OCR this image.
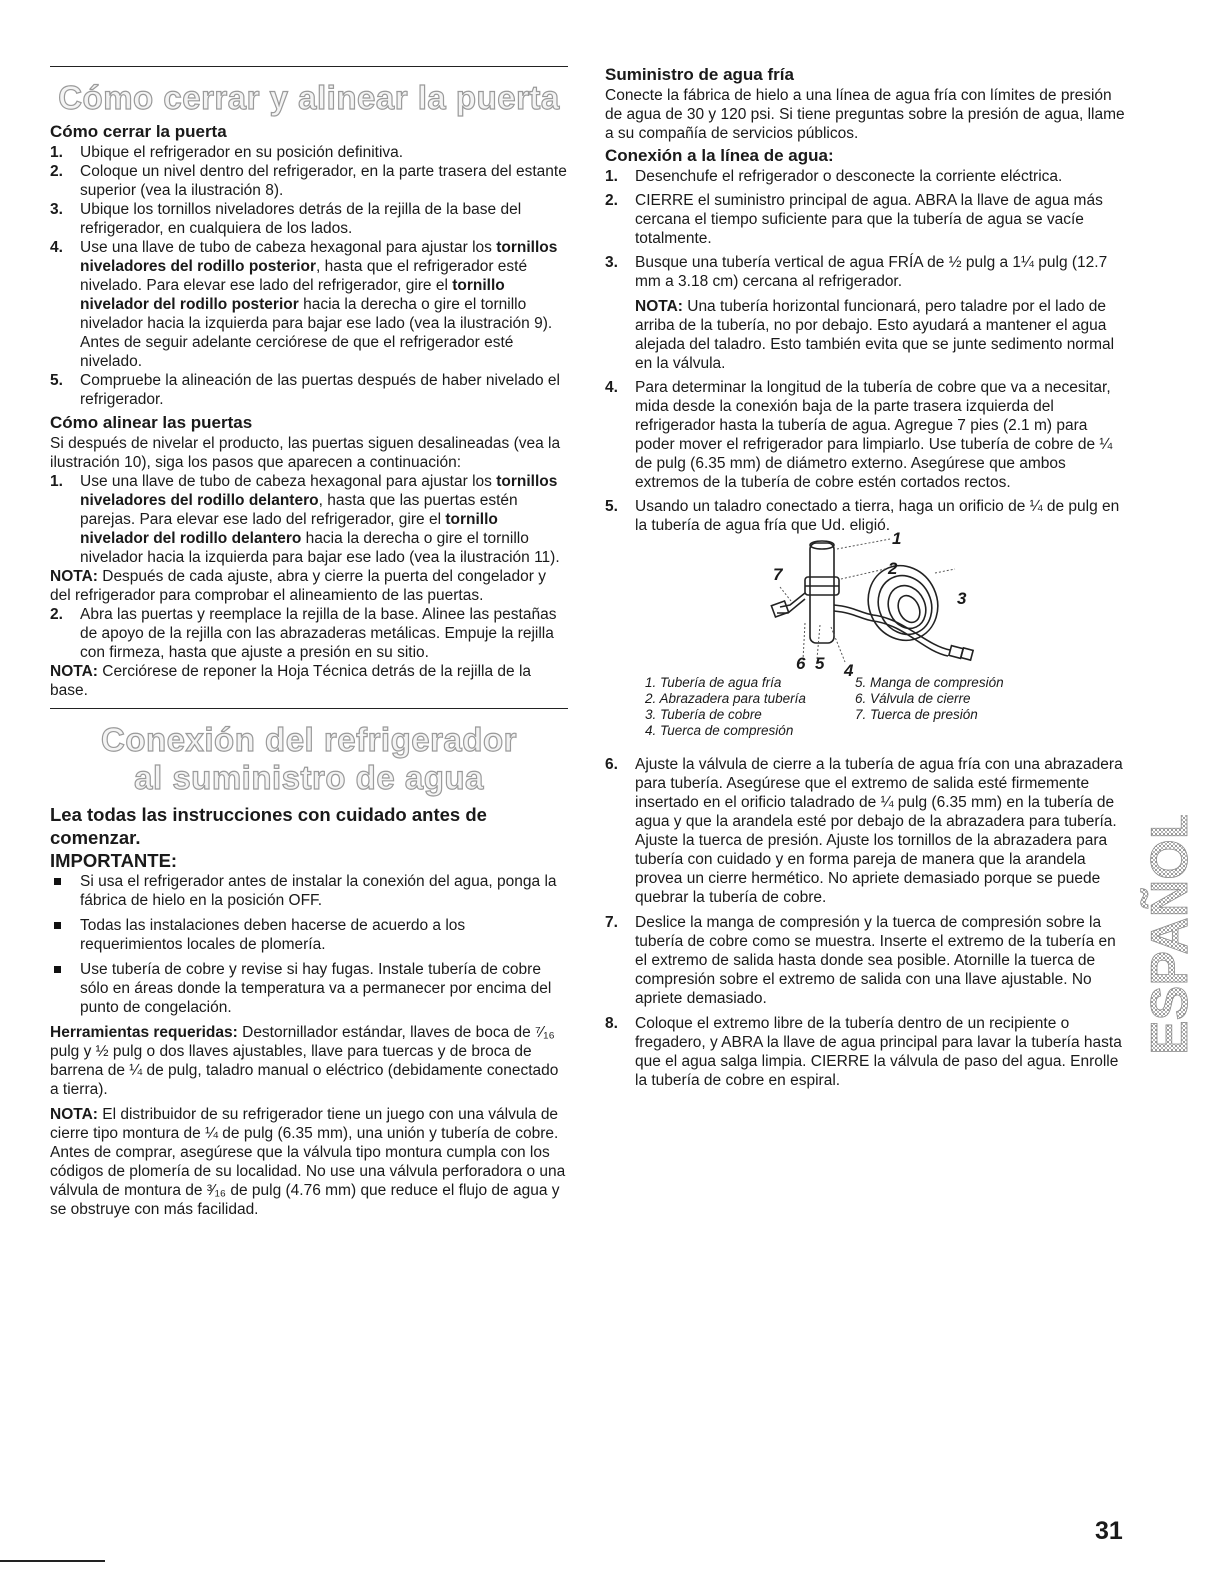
Cómo cerrar y alinear la puerta
Cómo cerrar la puerta
1. Ubique el refrigerador en su posición definitiva.
2. Coloque un nivel dentro del refrigerador, en la parte trasera del estante superior (vea la ilustración 8).
3. Ubique los tornillos niveladores detrás de la rejilla de la base del refrigerador, en cualquiera de los lados.
4. Use una llave de tubo de cabeza hexagonal para ajustar los tornillos niveladores del rodillo posterior, hasta que el refrigerador esté nivelado. Para elevar ese lado del refrigerador, gire el tornillo nivelador del rodillo posterior hacia la derecha o gire el tornillo nivelador hacia la izquierda para bajar ese lado (vea la ilustración 9). Antes de seguir adelante cerciórese de que el refrigerador esté nivelado.
5. Compruebe la alineación de las puertas después de haber nivelado el refrigerador.
Cómo alinear las puertas

Si después de nivelar el producto, las puertas siguen desalineadas (vea la ilustración 10), siga los pasos que aparecen a continuación:

1. Use una llave de tubo de cabeza hexagonal para ajustar los tornillos niveladores del rodillo delantero, hasta que las puertas estén parejas. Para elevar ese lado del refrigerador, gire el tornillo nivelador del rodillo delantero hacia la derecha o gire el tornillo nivelador hacia la izquierda para bajar ese lado (vea la ilustración 11).

NOTA: Después de cada ajuste, abra y cierre la puerta del congelador y del refrigerador para comprobar el alineamiento de las puertas.

2. Abra las puertas y reemplace la rejilla de la base. Alinee las pestañas de apoyo de la rejilla con las abrazaderas metálicas. Empuje la rejilla con firmeza, hasta que ajuste a presión en su sitio.

NOTA: Cerciórese de reponer la Hoja Técnica detrás de la rejilla de la base.

Conexión del refrigerador
al suministro de agua
Lea todas las instrucciones con cuidado antes de comenzar.
IMPORTANTE:
Si usa el refrigerador antes de instalar la conexión del agua, ponga la fábrica de hielo en la posición OFF.
Todas las instalaciones deben hacerse de acuerdo a los requerimientos locales de plomería.
Use tubería de cobre y revise si hay fugas. Instale tubería de cobre sólo en áreas donde la temperatura va a permanecer por encima del punto de congelación.

Herramientas requeridas: Destornillador estándar, llaves de boca de ⁷⁄₁₆ pulg y ½ pulg o dos llaves ajustables, llave para tuercas y de broca de barrena de ¼ de pulg, taladro manual o eléctrico (debidamente conectado a tierra).

NOTA: El distribuidor de su refrigerador tiene un juego con una válvula de cierre tipo montura de ¼ de pulg (6.35 mm), una unión y tubería de cobre. Antes de comprar, asegúrese que la válvula tipo montura cumpla con los códigos de plomería de su localidad. No use una válvula perforadora o una válvula de montura de ³⁄₁₆ de pulg (4.76 mm) que reduce el flujo de agua y se obstruye con más facilidad.

Suministro de agua fría

Conecte la fábrica de hielo a una línea de agua fría con límites de presión de agua de 30 y 120 psi. Si tiene preguntas sobre la presión de agua, llame a su compañía de servicios públicos.

Conexión a la línea de agua:
1. Desenchufe el refrigerador o desconecte la corriente eléctrica.
2. CIERRE el suministro principal de agua. ABRA la llave de agua más cercana el tiempo suficiente para que la tubería de agua se vacíe totalmente.
3. Busque una tubería vertical de agua FRÍA de ½ pulg a 1¼ pulg (12.7 mm a 3.18 cm) cercana al refrigerador.
NOTA: Una tubería horizontal funcionará, pero taladre por el lado de arriba de la tubería, no por debajo. Esto ayudará a mantener el agua alejada del taladro. Esto también evita que se junte sedimento normal en la válvula.
4. Para determinar la longitud de la tubería de cobre que va a necesitar, mida desde la conexión baja de la parte trasera izquierda del refrigerador hasta la tubería de agua. Agregue 7 pies (2.1 m) para poder mover el refrigerador para limpiarlo. Use tubería de cobre de ¼ de pulg (6.35 mm) de diámetro externo. Asegúrese que ambos extremos de la tubería de cobre estén cortados rectos.
5. Usando un taladro conectado a tierra, haga un orificio de ¼ de pulg en la tubería de agua fría que Ud. eligió.
1
2
3
4
5
6
7
1. Tubería de agua fría
2. Abrazadera para tubería
3. Tubería de cobre
4. Tuerca de compresión
5. Manga de compresión
6. Válvula de cierre
7. Tuerca de presión
6. Ajuste la válvula de cierre a la tubería de agua fría con una abrazadera para tubería. Asegúrese que el extremo de salida esté firmemente insertado en el orificio taladrado de ¼ pulg (6.35 mm) en la tubería de agua y que la arandela esté por debajo de la abrazadera para tubería. Ajuste la tuerca de presión. Ajuste los tornillos de la abrazadera para tubería con cuidado y en forma pareja de manera que la arandela provea un cierre hermético. No apriete demasiado porque se puede quebrar la tubería de cobre.
7. Deslice la manga de compresión y la tuerca de compresión sobre la tubería de cobre como se muestra. Inserte el extremo de la tubería en el extremo de salida hasta donde sea posible. Atornille la tuerca de compresión sobre el extremo de salida con una llave ajustable. No apriete demasiado.
8. Coloque el extremo libre de la tubería dentro de un recipiente o fregadero, y ABRA la llave de agua principal para lavar la tubería hasta que el agua salga limpia. CIERRE la válvula de paso del agua. Enrolle la tubería de cobre en espiral.
ESPAÑOL
31
